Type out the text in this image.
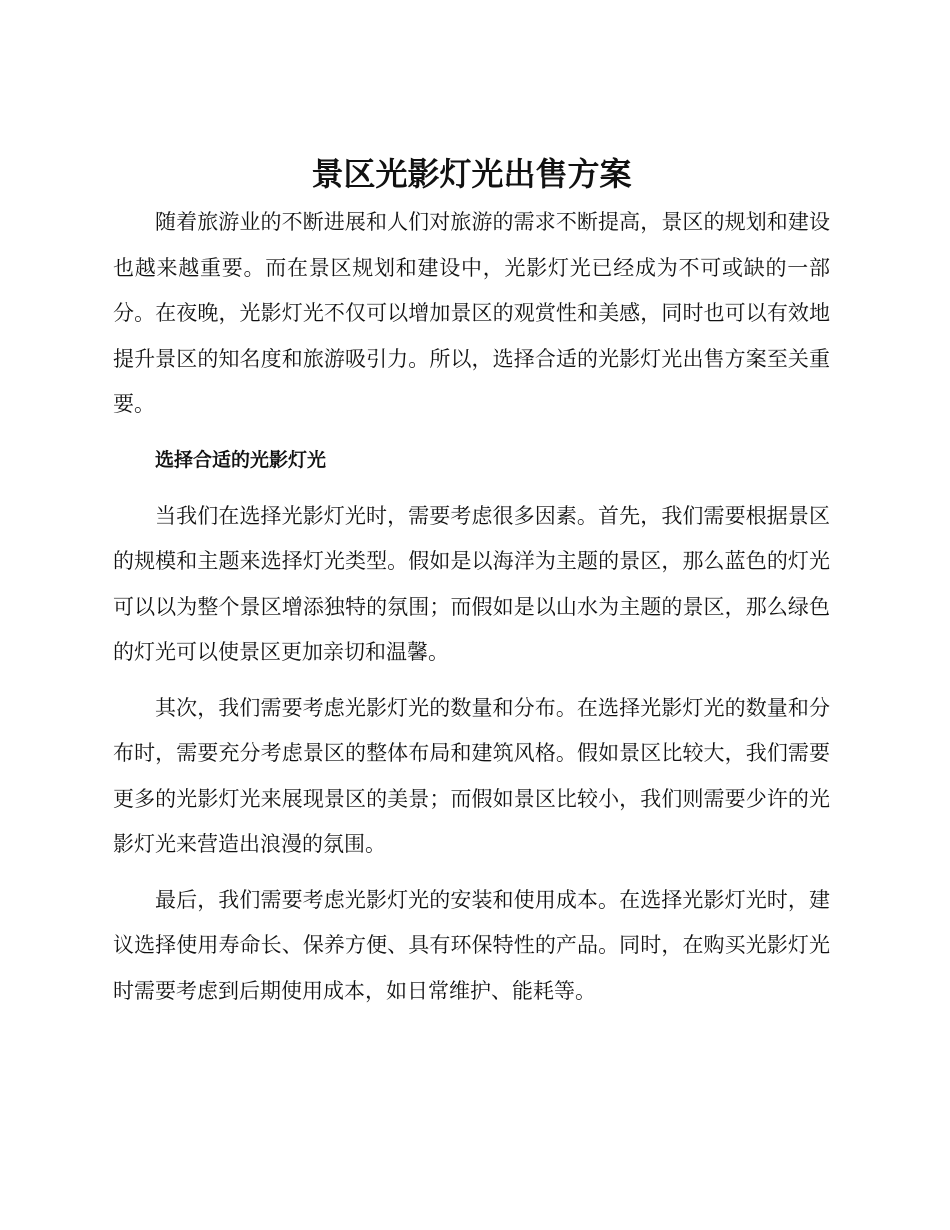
景区光影灯光出售方案

随着旅游业的不断进展和人们对旅游的需求不断提高，景区的规划和建设也越来越重要。而在景区规划和建设中，光影灯光已经成为不可或缺的一部分。在夜晚，光影灯光不仅可以增加景区的观赏性和美感，同时也可以有效地提升景区的知名度和旅游吸引力。所以，选择合适的光影灯光出售方案至关重要。

选择合适的光影灯光

当我们在选择光影灯光时，需要考虑很多因素。首先，我们需要根据景区的规模和主题来选择灯光类型。假如是以海洋为主题的景区，那么蓝色的灯光可以以为整个景区增添独特的氛围；而假如是以山水为主题的景区，那么绿色的灯光可以使景区更加亲切和温馨。

其次，我们需要考虑光影灯光的数量和分布。在选择光影灯光的数量和分布时，需要充分考虑景区的整体布局和建筑风格。假如景区比较大，我们需要更多的光影灯光来展现景区的美景；而假如景区比较小，我们则需要少许的光影灯光来营造出浪漫的氛围。

最后，我们需要考虑光影灯光的安装和使用成本。在选择光影灯光时，建议选择使用寿命长、保养方便、具有环保特性的产品。同时，在购买光影灯光时需要考虑到后期使用成本，如日常维护、能耗等。
